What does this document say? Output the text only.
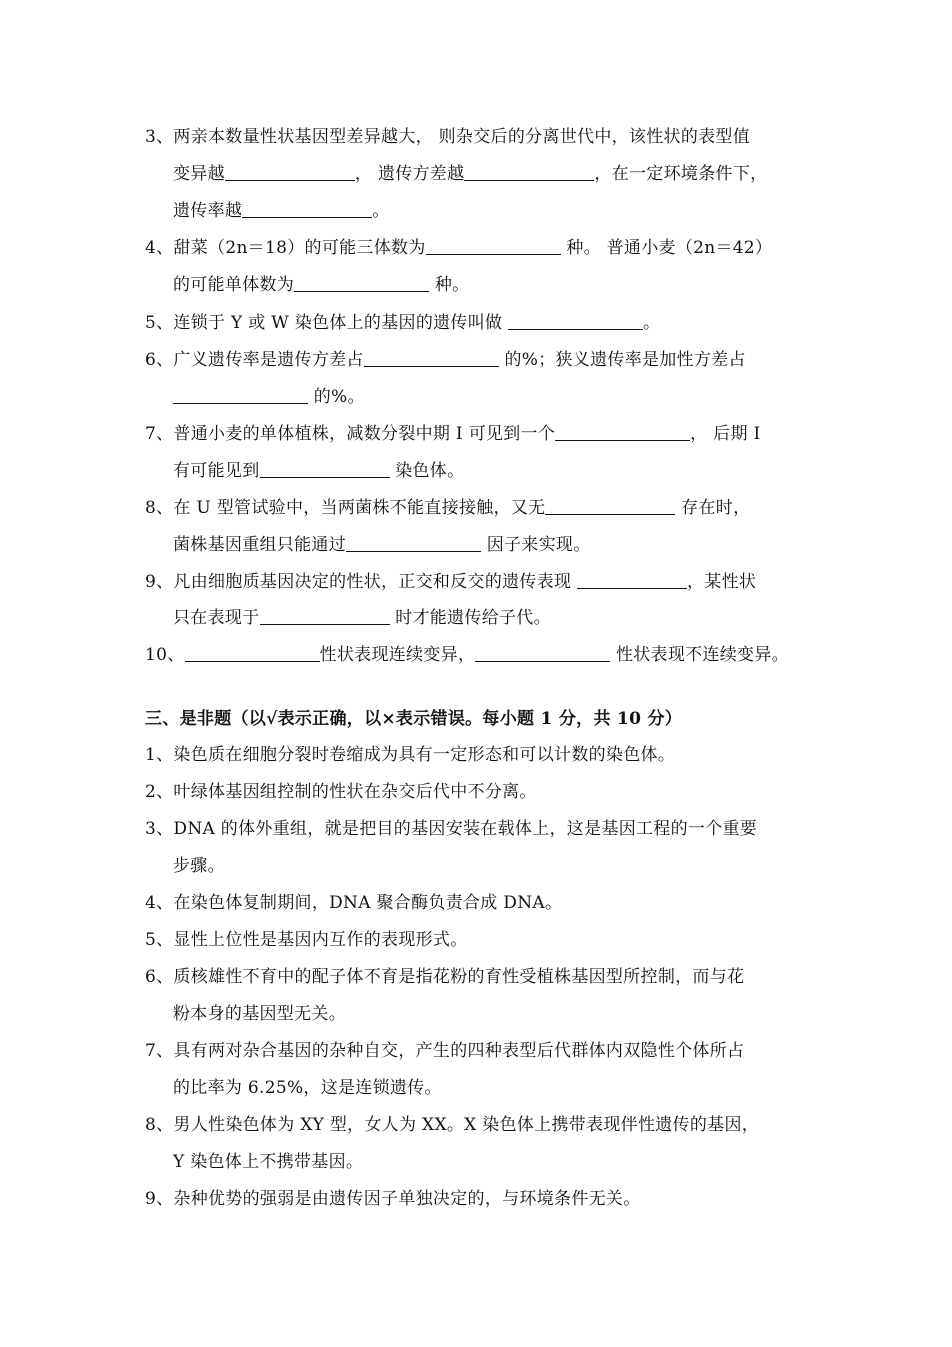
3、两亲本数量性状基因型差异越大， 则杂交后的分离世代中，该性状的表型值
变异越	， 遗传方差越	，在一定环境条件下，
遗传率越	。
4、甜菜（2n＝18）的可能三体数为	种。 普通小麦（2n＝42）
的可能单体数为	种。
5、连锁于 Y 或 W 染色体上的基因的遗传叫做	。
6、广义遗传率是遗传方差占	的%；狭义遗传率是加性方差占
的%。
7、普通小麦的单体植株，减数分裂中期 I 可见到一个	， 后期 I
有可能见到	染色体。
8、在 U 型管试验中，当两菌株不能直接接触，又无	存在时，
菌株基因重组只能通过	因子来实现。
9、凡由细胞质基因决定的性状，正交和反交的遗传表现	，某性状
只在表现于	时才能遗传给子代。
10、	性状表现连续变异，	性状表现不连续变异。
三、是非题（以√表示正确，以×表示错误。每小题 1 分，共 10 分）
1、染色质在细胞分裂时卷缩成为具有一定形态和可以计数的染色体。
2、叶绿体基因组控制的性状在杂交后代中不分离。
3、DNA 的体外重组，就是把目的基因安装在载体上，这是基因工程的一个重要
步骤。
4、在染色体复制期间，DNA 聚合酶负责合成 DNA。
5、显性上位性是基因内互作的表现形式。
6、质核雄性不育中的配子体不育是指花粉的育性受植株基因型所控制，而与花
粉本身的基因型无关。
7、具有两对杂合基因的杂种自交，产生的四种表型后代群体内双隐性个体所占
的比率为 6.25%，这是连锁遗传。
8、男人性染色体为 XY 型，女人为 XX。X 染色体上携带表现伴性遗传的基因，
Y 染色体上不携带基因。
9、杂种优势的强弱是由遗传因子单独决定的，与环境条件无关。
